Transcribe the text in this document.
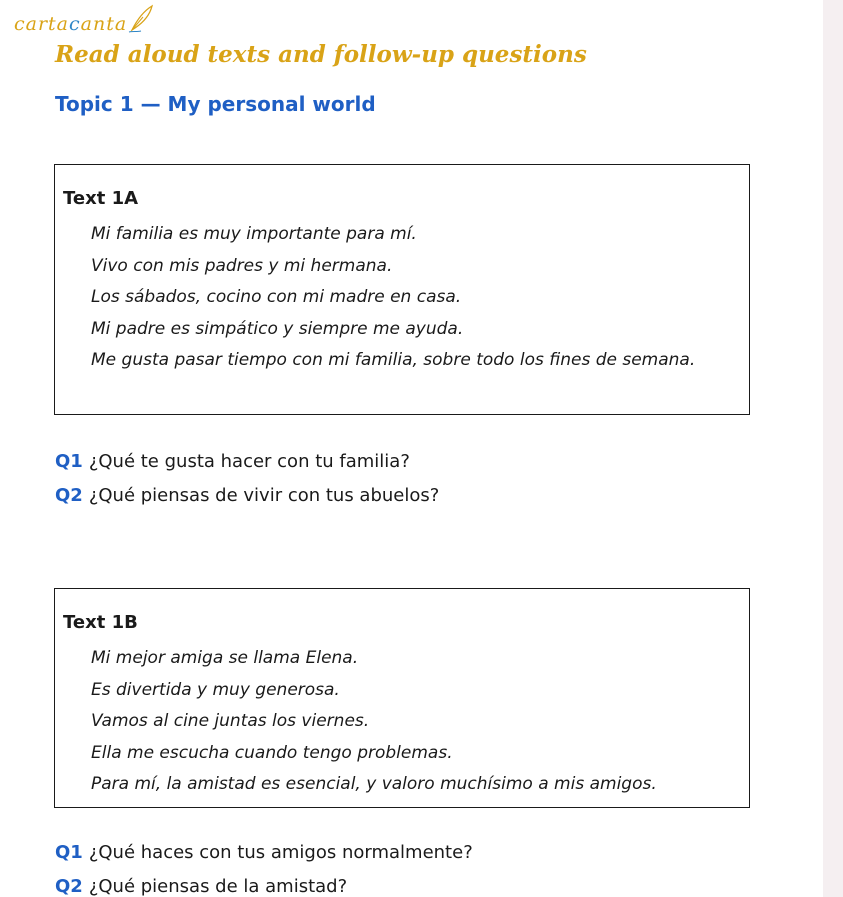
cartacanta
Read aloud texts and follow-up questions
Topic 1 — My personal world
Text 1A
Mi familia es muy importante para mí.
Vivo con mis padres y mi hermana.
Los sábados, cocino con mi madre en casa.
Mi padre es simpático y siempre me ayuda.
Me gusta pasar tiempo con mi familia, sobre todo los fines de semana.
Q1 ¿Qué te gusta hacer con tu familia?
Q2 ¿Qué piensas de vivir con tus abuelos?
Text 1B
Mi mejor amiga se llama Elena.
Es divertida y muy generosa.
Vamos al cine juntas los viernes.
Ella me escucha cuando tengo problemas.
Para mí, la amistad es esencial, y valoro muchísimo a mis amigos.
Q1 ¿Qué haces con tus amigos normalmente?
Q2 ¿Qué piensas de la amistad?
